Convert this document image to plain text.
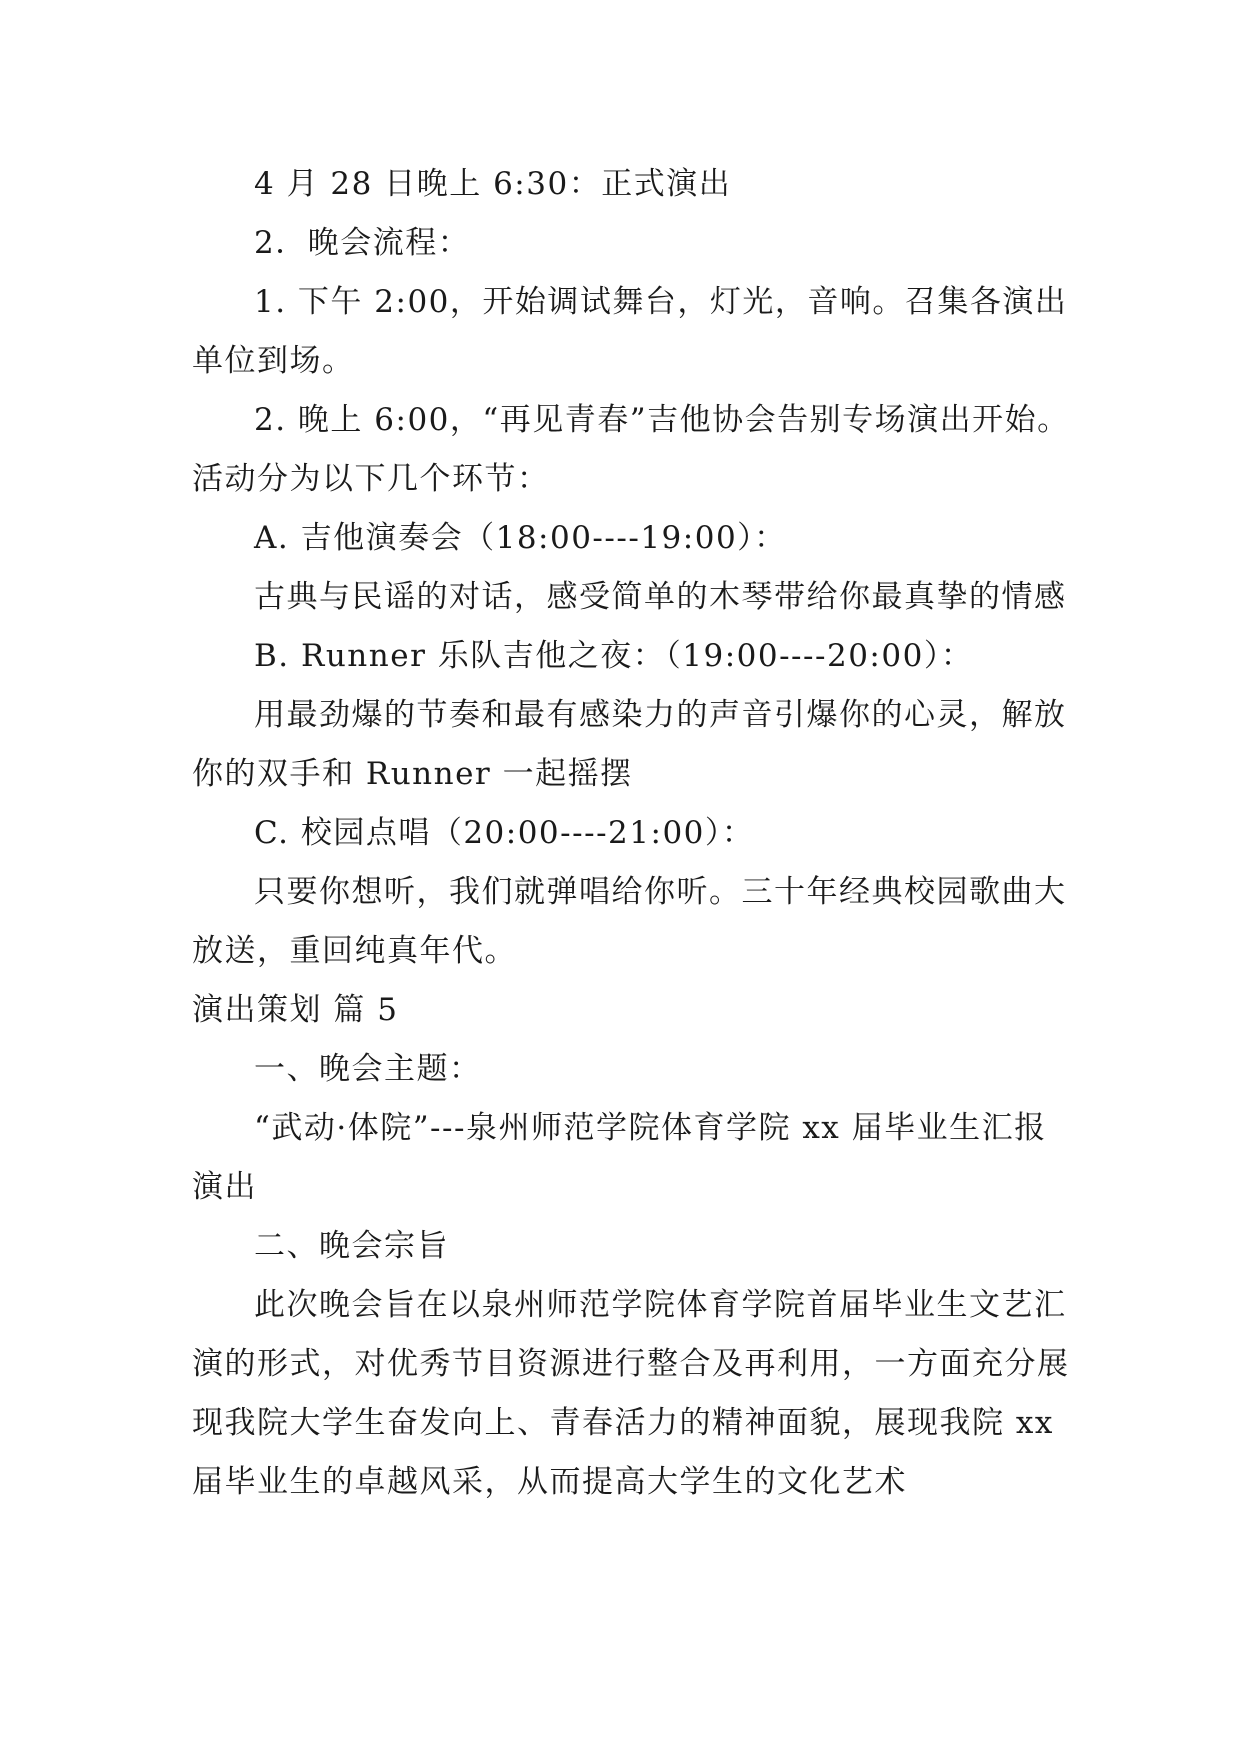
4 月 28 日晚上 6:30：正式演出

2．晚会流程：

1. 下午 2:00，开始调试舞台，灯光，音响。召集各演出单位到场。

2. 晚上 6:00，“再见青春”吉他协会告别专场演出开始。活动分为以下几个环节：

A. 吉他演奏会（18:00----19:00）：

古典与民谣的对话，感受简单的木琴带给你最真挚的情感

B. Runner 乐队吉他之夜：（19:00----20:00）：

用最劲爆的节奏和最有感染力的声音引爆你的心灵，解放你的双手和 Runner 一起摇摆

C. 校园点唱（20:00----21:00）：

只要你想听，我们就弹唱给你听。三十年经典校园歌曲大放送，重回纯真年代。

演出策划 篇 5

一、晚会主题：

“武动·体院”---泉州师范学院体育学院 xx 届毕业生汇报演出

二、晚会宗旨

此次晚会旨在以泉州师范学院体育学院首届毕业生文艺汇演的形式，对优秀节目资源进行整合及再利用，一方面充分展现我院大学生奋发向上、青春活力的精神面貌，展现我院 xx 届毕业生的卓越风采，从而提高大学生的文化艺术
